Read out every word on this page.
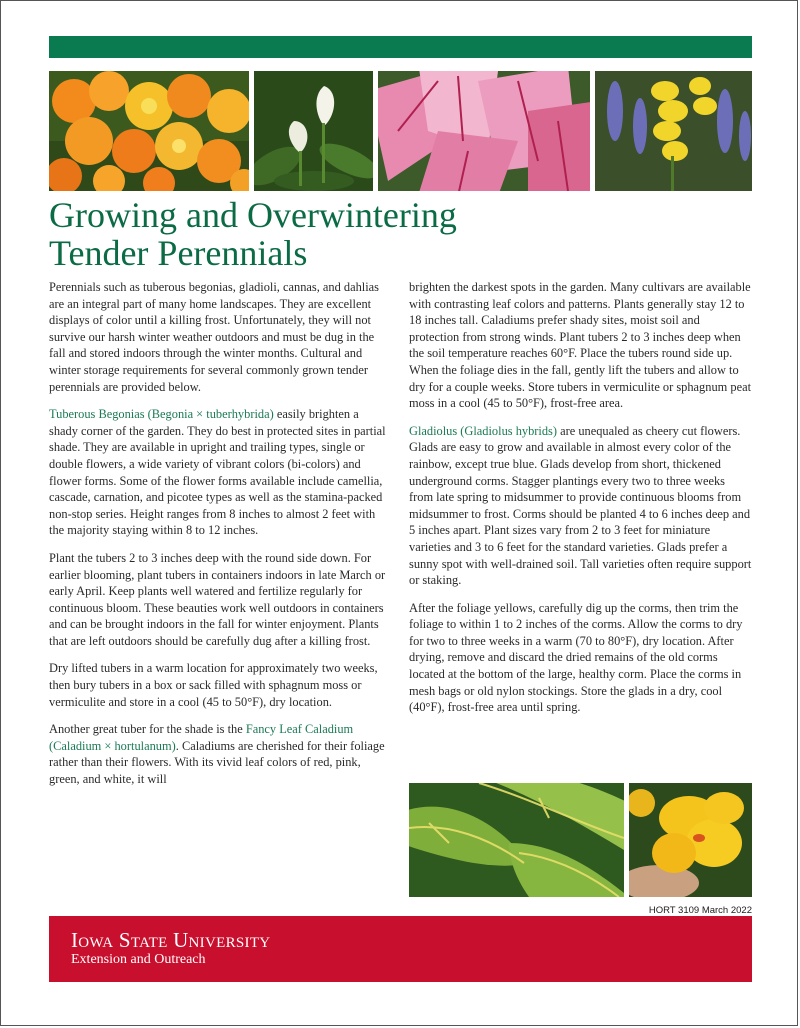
Growing and Overwintering
Tender Perennials

Perennials such as tuberous begonias, gladioli, cannas, and dahlias are an integral part of many home landscapes. They are excellent displays of color until a killing frost. Unfortunately, they will not survive our harsh winter weather outdoors and must be dug in the fall and stored indoors through the winter months. Cultural and winter storage requirements for several commonly grown tender perennials are provided below.

Tuberous Begonias (Begonia × tuberhybrida) easily brighten a shady corner of the garden. They do best in protected sites in partial shade. They are available in upright and trailing types, single or double flowers, a wide variety of vibrant colors (bi-colors) and flower forms. Some of the flower forms available include camellia, cascade, carnation, and picotee types as well as the stamina-packed non-stop series. Height ranges from 8 inches to almost 2 feet with the majority staying within 8 to 12 inches.

Plant the tubers 2 to 3 inches deep with the round side down. For earlier blooming, plant tubers in containers indoors in late March or early April. Keep plants well watered and fertilize regularly for continuous bloom. These beauties work well outdoors in containers and can be brought indoors in the fall for winter enjoyment. Plants that are left outdoors should be carefully dug after a killing frost.

Dry lifted tubers in a warm location for approximately two weeks, then bury tubers in a box or sack filled with sphagnum moss or vermiculite and store in a cool (45 to 50°F), dry location.

Another great tuber for the shade is the Fancy Leaf Caladium (Caladium × hortulanum). Caladiums are cherished for their foliage rather than their flowers. With its vivid leaf colors of red, pink, green, and white, it will

brighten the darkest spots in the garden. Many cultivars are available with contrasting leaf colors and patterns. Plants generally stay 12 to 18 inches tall. Caladiums prefer shady sites, moist soil and protection from strong winds. Plant tubers 2 to 3 inches deep when the soil temperature reaches 60°F. Place the tubers round side up. When the foliage dies in the fall, gently lift the tubers and allow to dry for a couple weeks. Store tubers in vermiculite or sphagnum peat moss in a cool (45 to 50°F), frost-free area.

Gladiolus (Gladiolus hybrids) are unequaled as cheery cut flowers. Glads are easy to grow and available in almost every color of the rainbow, except true blue. Glads develop from short, thickened underground corms. Stagger plantings every two to three weeks from late spring to midsummer to provide continuous blooms from midsummer to frost. Corms should be planted 4 to 6 inches deep and 5 inches apart. Plant sizes vary from 2 to 3 feet for miniature varieties and 3 to 6 feet for the standard varieties. Glads prefer a sunny spot with well-drained soil. Tall varieties often require support or staking.

After the foliage yellows, carefully dig up the corms, then trim the foliage to within 1 to 2 inches of the corms. Allow the corms to dry for two to three weeks in a warm (70 to 80°F), dry location. After drying, remove and discard the dried remains of the old corms located at the bottom of the large, healthy corm. Place the corms in mesh bags or old nylon stockings. Store the glads in a dry, cool (40°F), frost-free area until spring.

HORT 3109 March 2022

Iowa State University

Extension and Outreach
